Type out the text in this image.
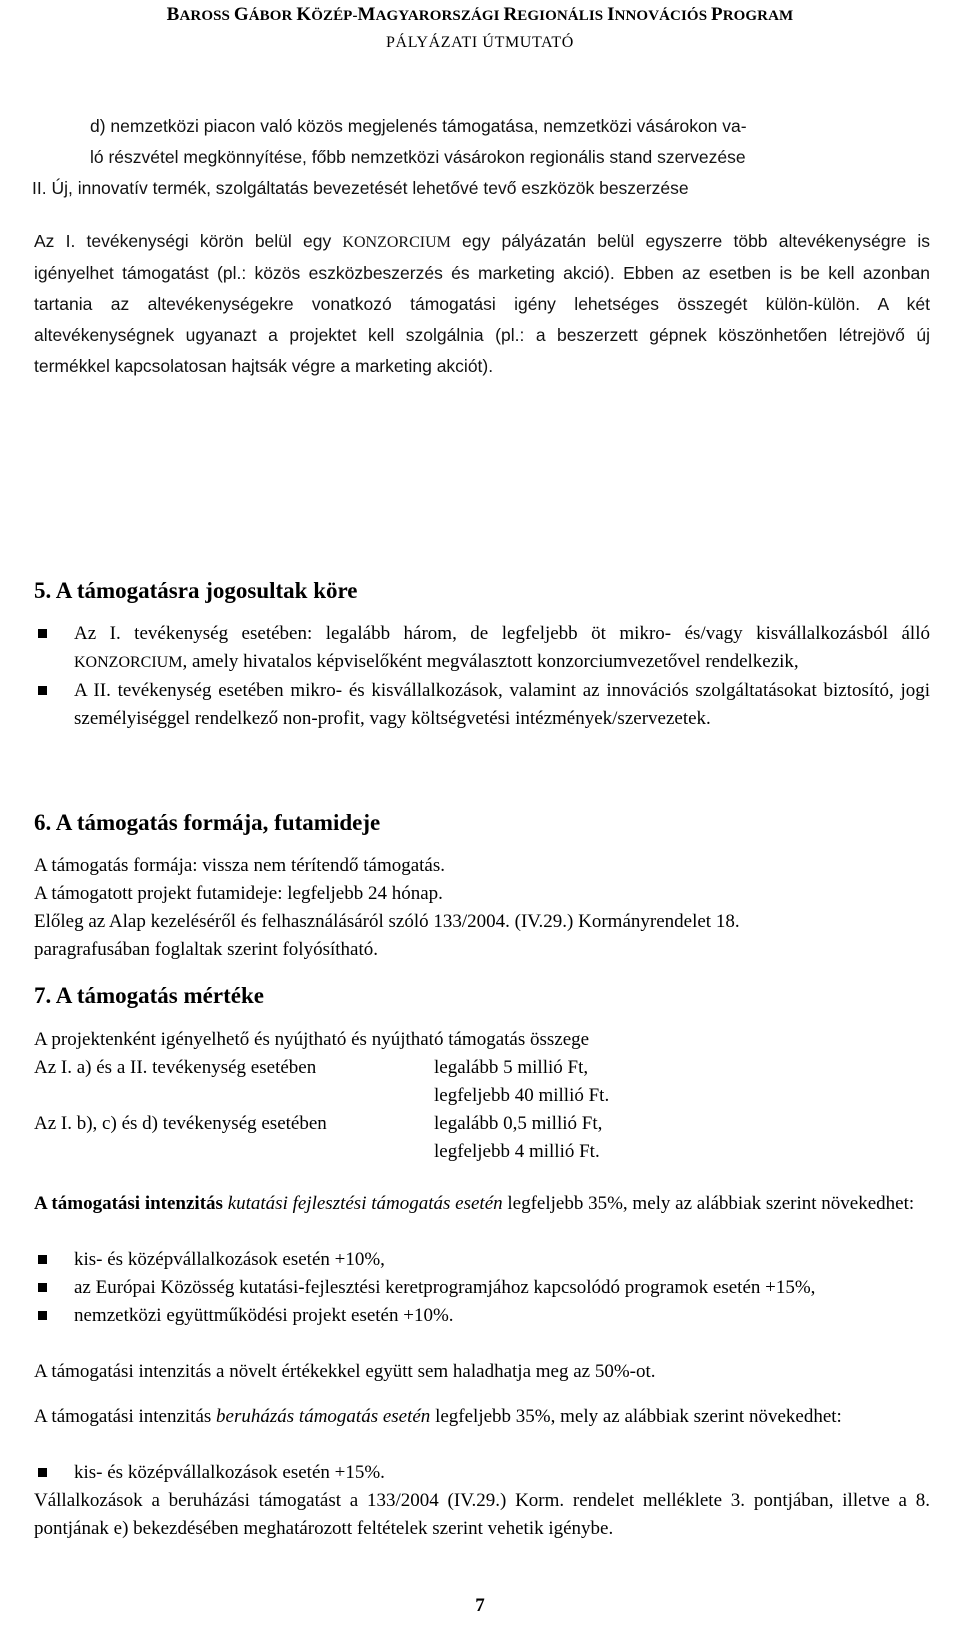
BAROSS GÁBOR KÖZÉP-MAGYARORSZÁGI REGIONÁLIS INNOVÁCIÓS PROGRAM
PÁLYÁZATI ÚTMUTATÓ

d) nemzetközi piacon való közös megjelenés támogatása, nemzetközi vásárokon va-

ló részvétel megkönnyítése, főbb nemzetközi vásárokon regionális stand szervezése

II. Új, innovatív termék, szolgáltatás bevezetését lehetővé tevő eszközök beszerzése

Az I. tevékenységi körön belül egy KONZORCIUM egy pályázatán belül egyszerre több altevékenységre is igényelhet támogatást (pl.: közös eszközbeszerzés és marketing akció). Ebben az esetben is be kell azonban tartania az altevékenységekre vonatkozó támogatási igény lehetséges összegét külön-külön. A két altevékenységnek ugyanazt a projektet kell szolgálnia (pl.: a beszerzett gépnek köszönhetően létrejövő új termékkel kapcsolatosan hajtsák végre a marketing akciót).

5. A támogatásra jogosultak köre
Az I. tevékenység esetében: legalább három, de legfeljebb öt mikro- és/vagy kisvállalkozásból álló KONZORCIUM, amely hivatalos képviselőként megválasztott konzorciumvezetővel rendelkezik,
A II. tevékenység esetében mikro- és kisvállalkozások, valamint az innovációs szolgáltatásokat biztosító, jogi személyiséggel rendelkező non-profit, vagy költségvetési intézmények/szervezetek.
6. A támogatás formája, futamideje

A támogatás formája: vissza nem térítendő támogatás.

A támogatott projekt futamideje: legfeljebb 24 hónap.

Előleg az Alap kezeléséről és felhasználásáról szóló 133/2004. (IV.29.) Kormányrendelet 18.

paragrafusában foglaltak szerint folyósítható.

7. A támogatás mértéke

A projektenként igényelhető és nyújtható és nyújtható támogatás összege

Az I. a) és a II. tevékenység esetében	legalább 5 millió Ft,
legfeljebb 40 millió Ft.
Az I. b), c) és d) tevékenység esetében	legalább 0,5 millió Ft,
legfeljebb 4 millió Ft.

A támogatási intenzitás kutatási fejlesztési támogatás esetén legfeljebb 35%, mely az alábbiak szerint növekedhet:

kis- és középvállalkozások esetén +10%,
az Európai Közösség kutatási-fejlesztési keretprogramjához kapcsolódó programok esetén +15%,
nemzetközi együttműködési projekt esetén +10%.

A támogatási intenzitás a növelt értékekkel együtt sem haladhatja meg az 50%-ot.

A támogatási intenzitás beruházás támogatás esetén legfeljebb 35%, mely az alábbiak szerint növekedhet:

kis- és középvállalkozások esetén +15%.

Vállalkozások a beruházási támogatást a 133/2004 (IV.29.) Korm. rendelet melléklete 3. pontjában, illetve a 8. pontjának e) bekezdésében meghatározott feltételek szerint vehetik igénybe.

7
